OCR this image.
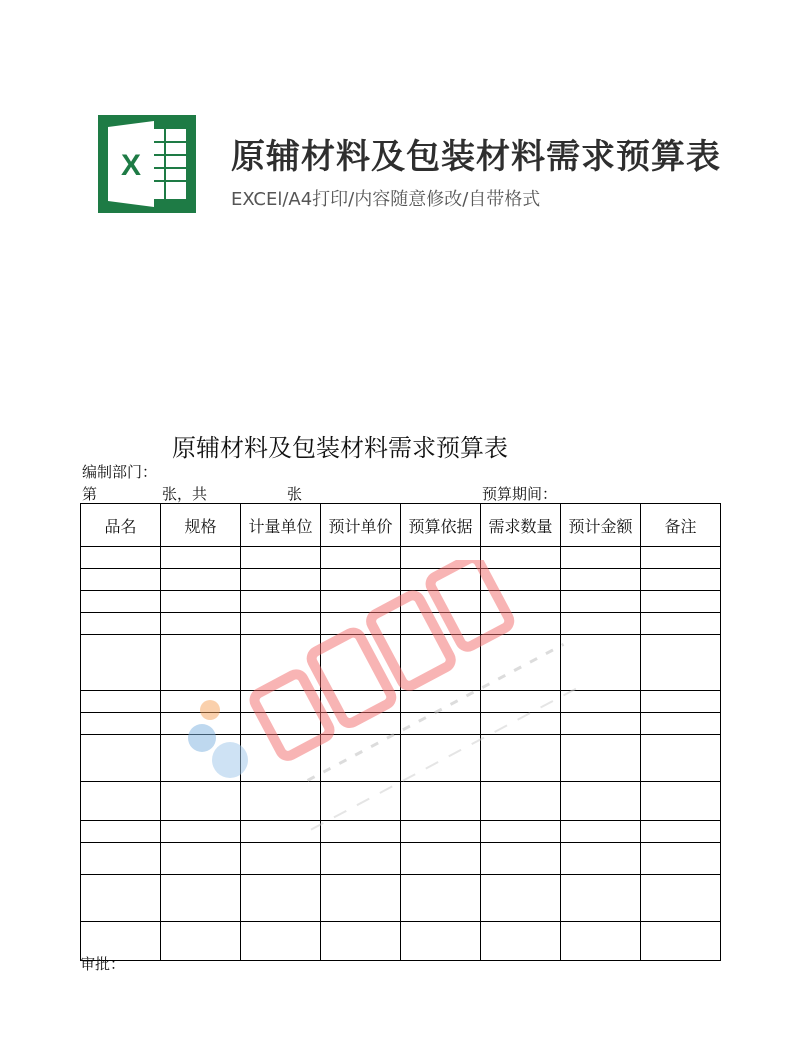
X	原辅材料及包装材料需求预算表
EXCEl/A4打印/内容随意修改/自带格式
原辅材料及包装材料需求预算表
编制部门：
第	张，共	张	预算期间：
品名	规格	计量单位	预计单价	预算依据	需求数量	预计金额	备注

审批：
